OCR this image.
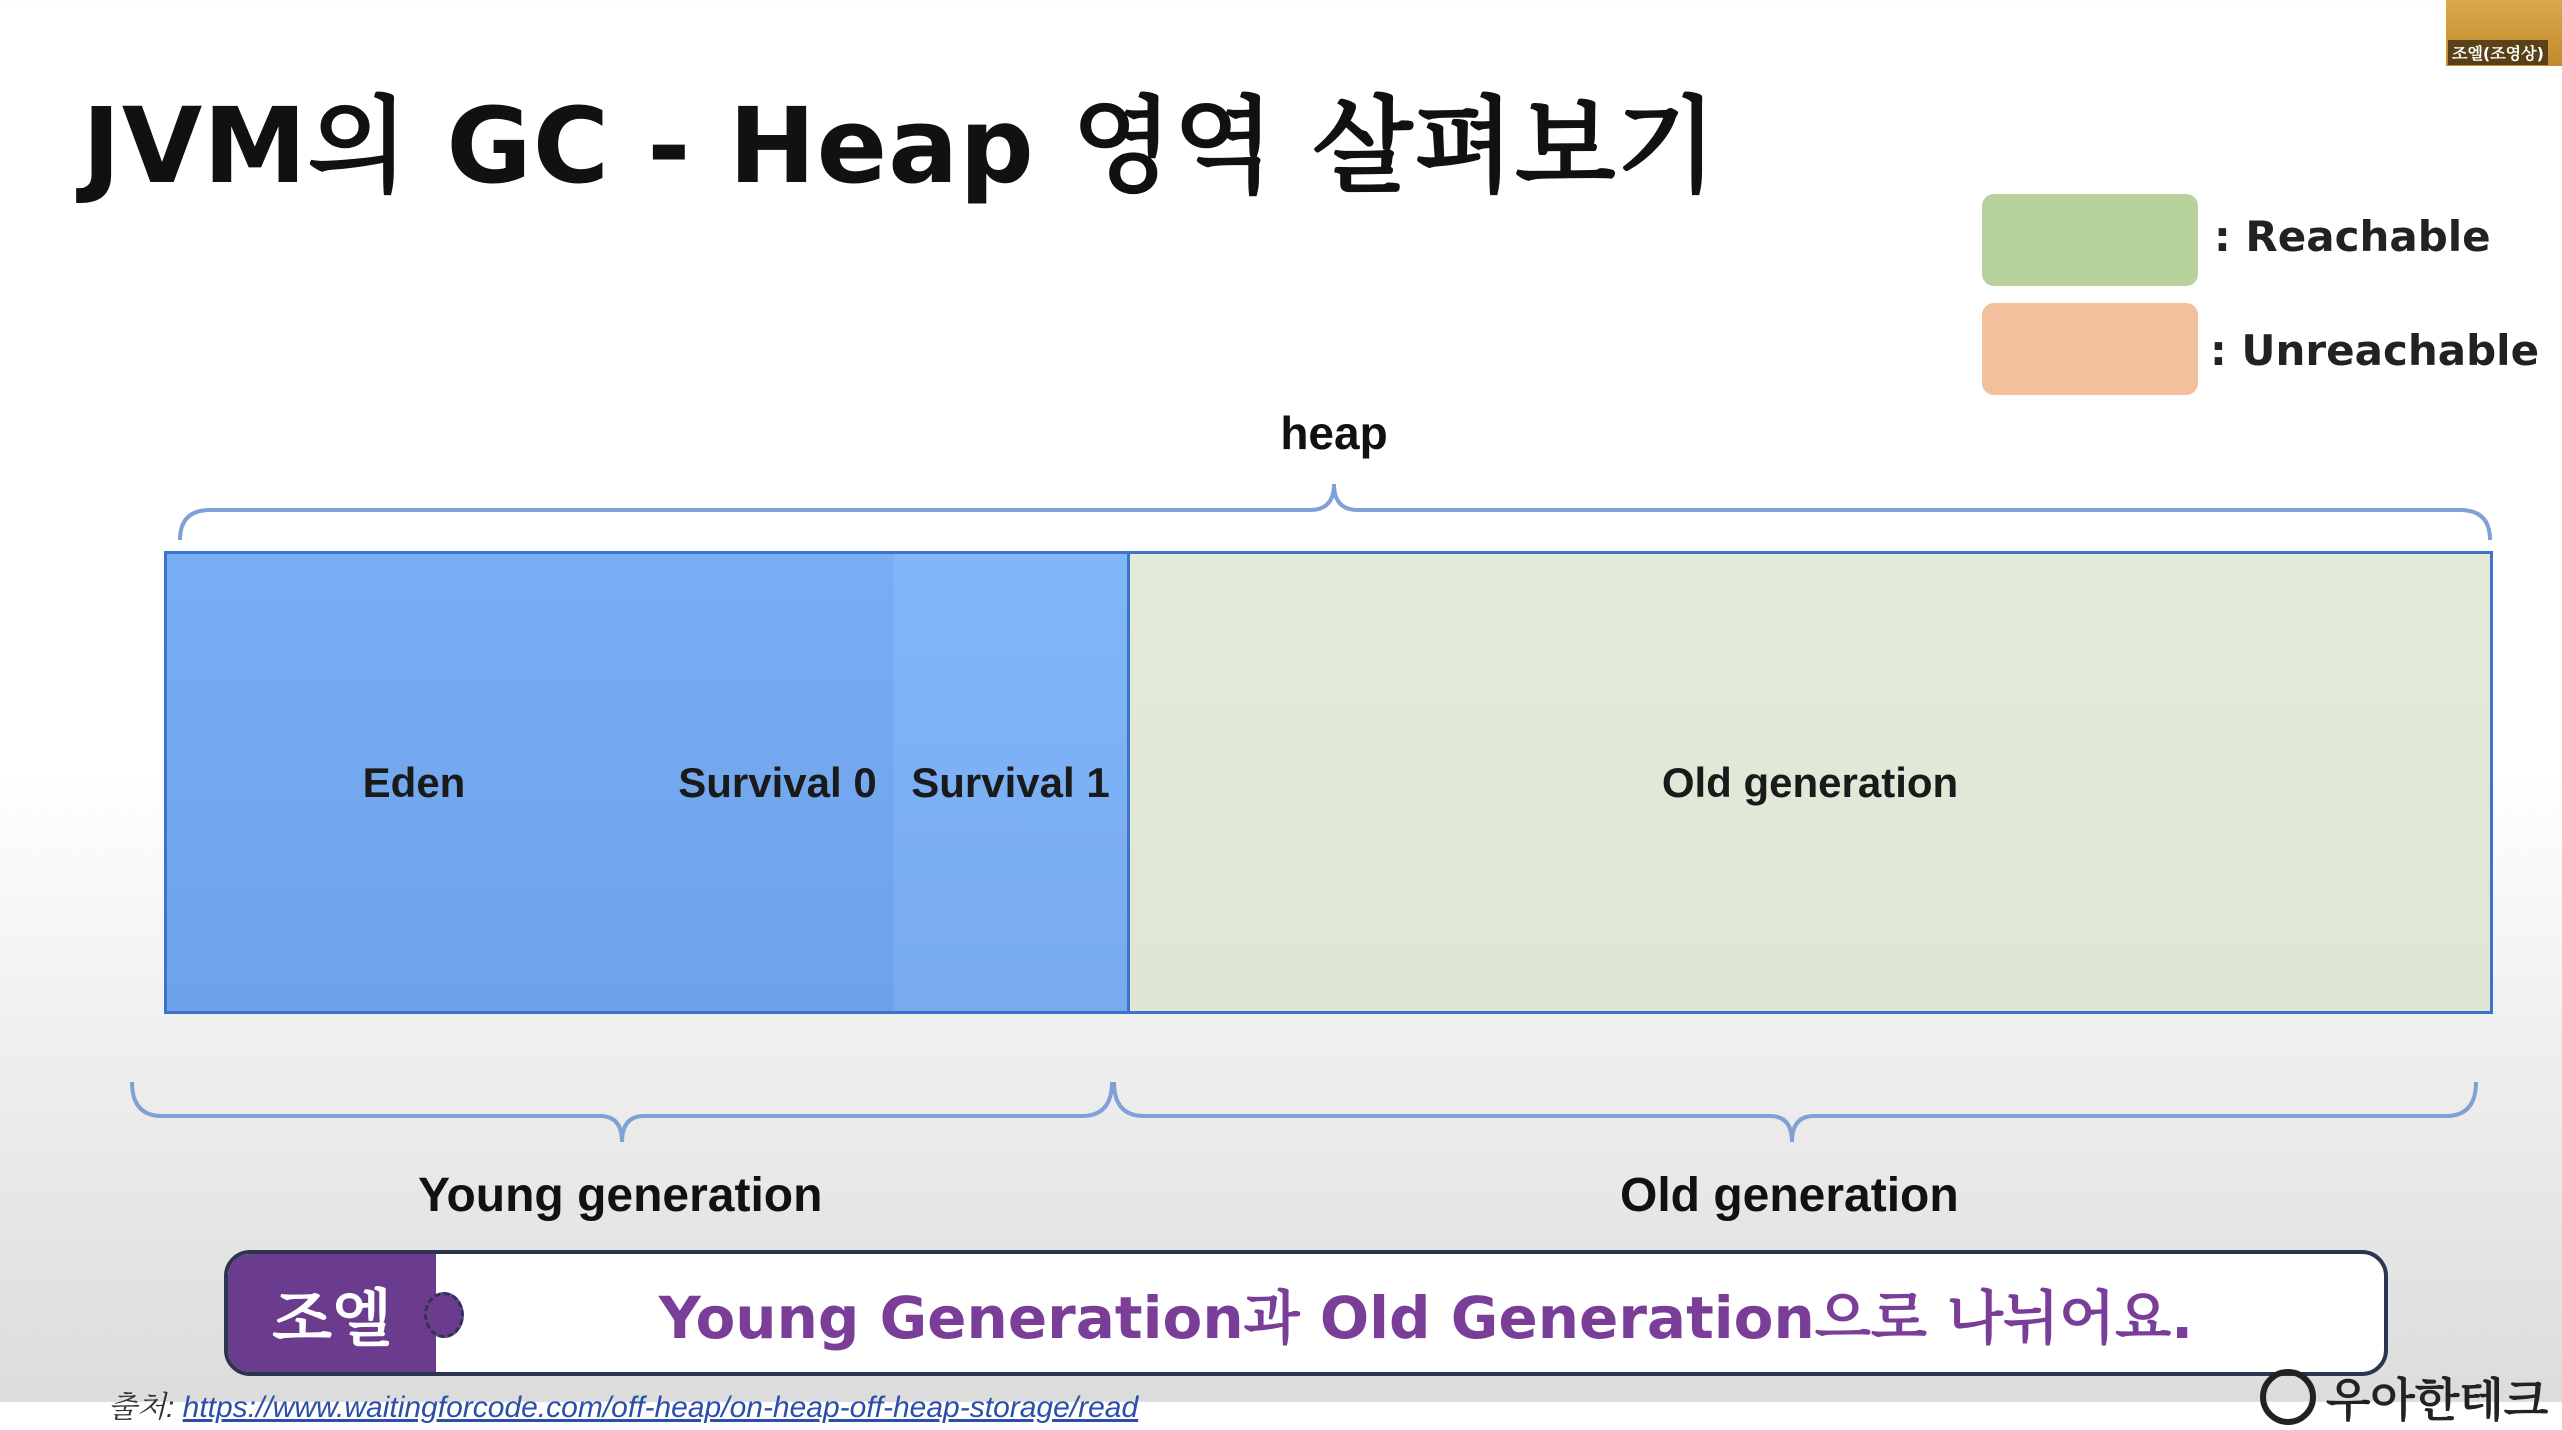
JVM의 GC - Heap 영역 살펴보기
조엘(조영상)
: Reachable
: Unreachable
heap
Eden	Survival 0 Survival 1	Old generation
Young generation	Old generation
조엘	Young Generation과 Old Generation으로 나뉘어요.
출처: https://www.waitingforcode.com/off-heap/on-heap-off-heap-storage/read	우아한테크
